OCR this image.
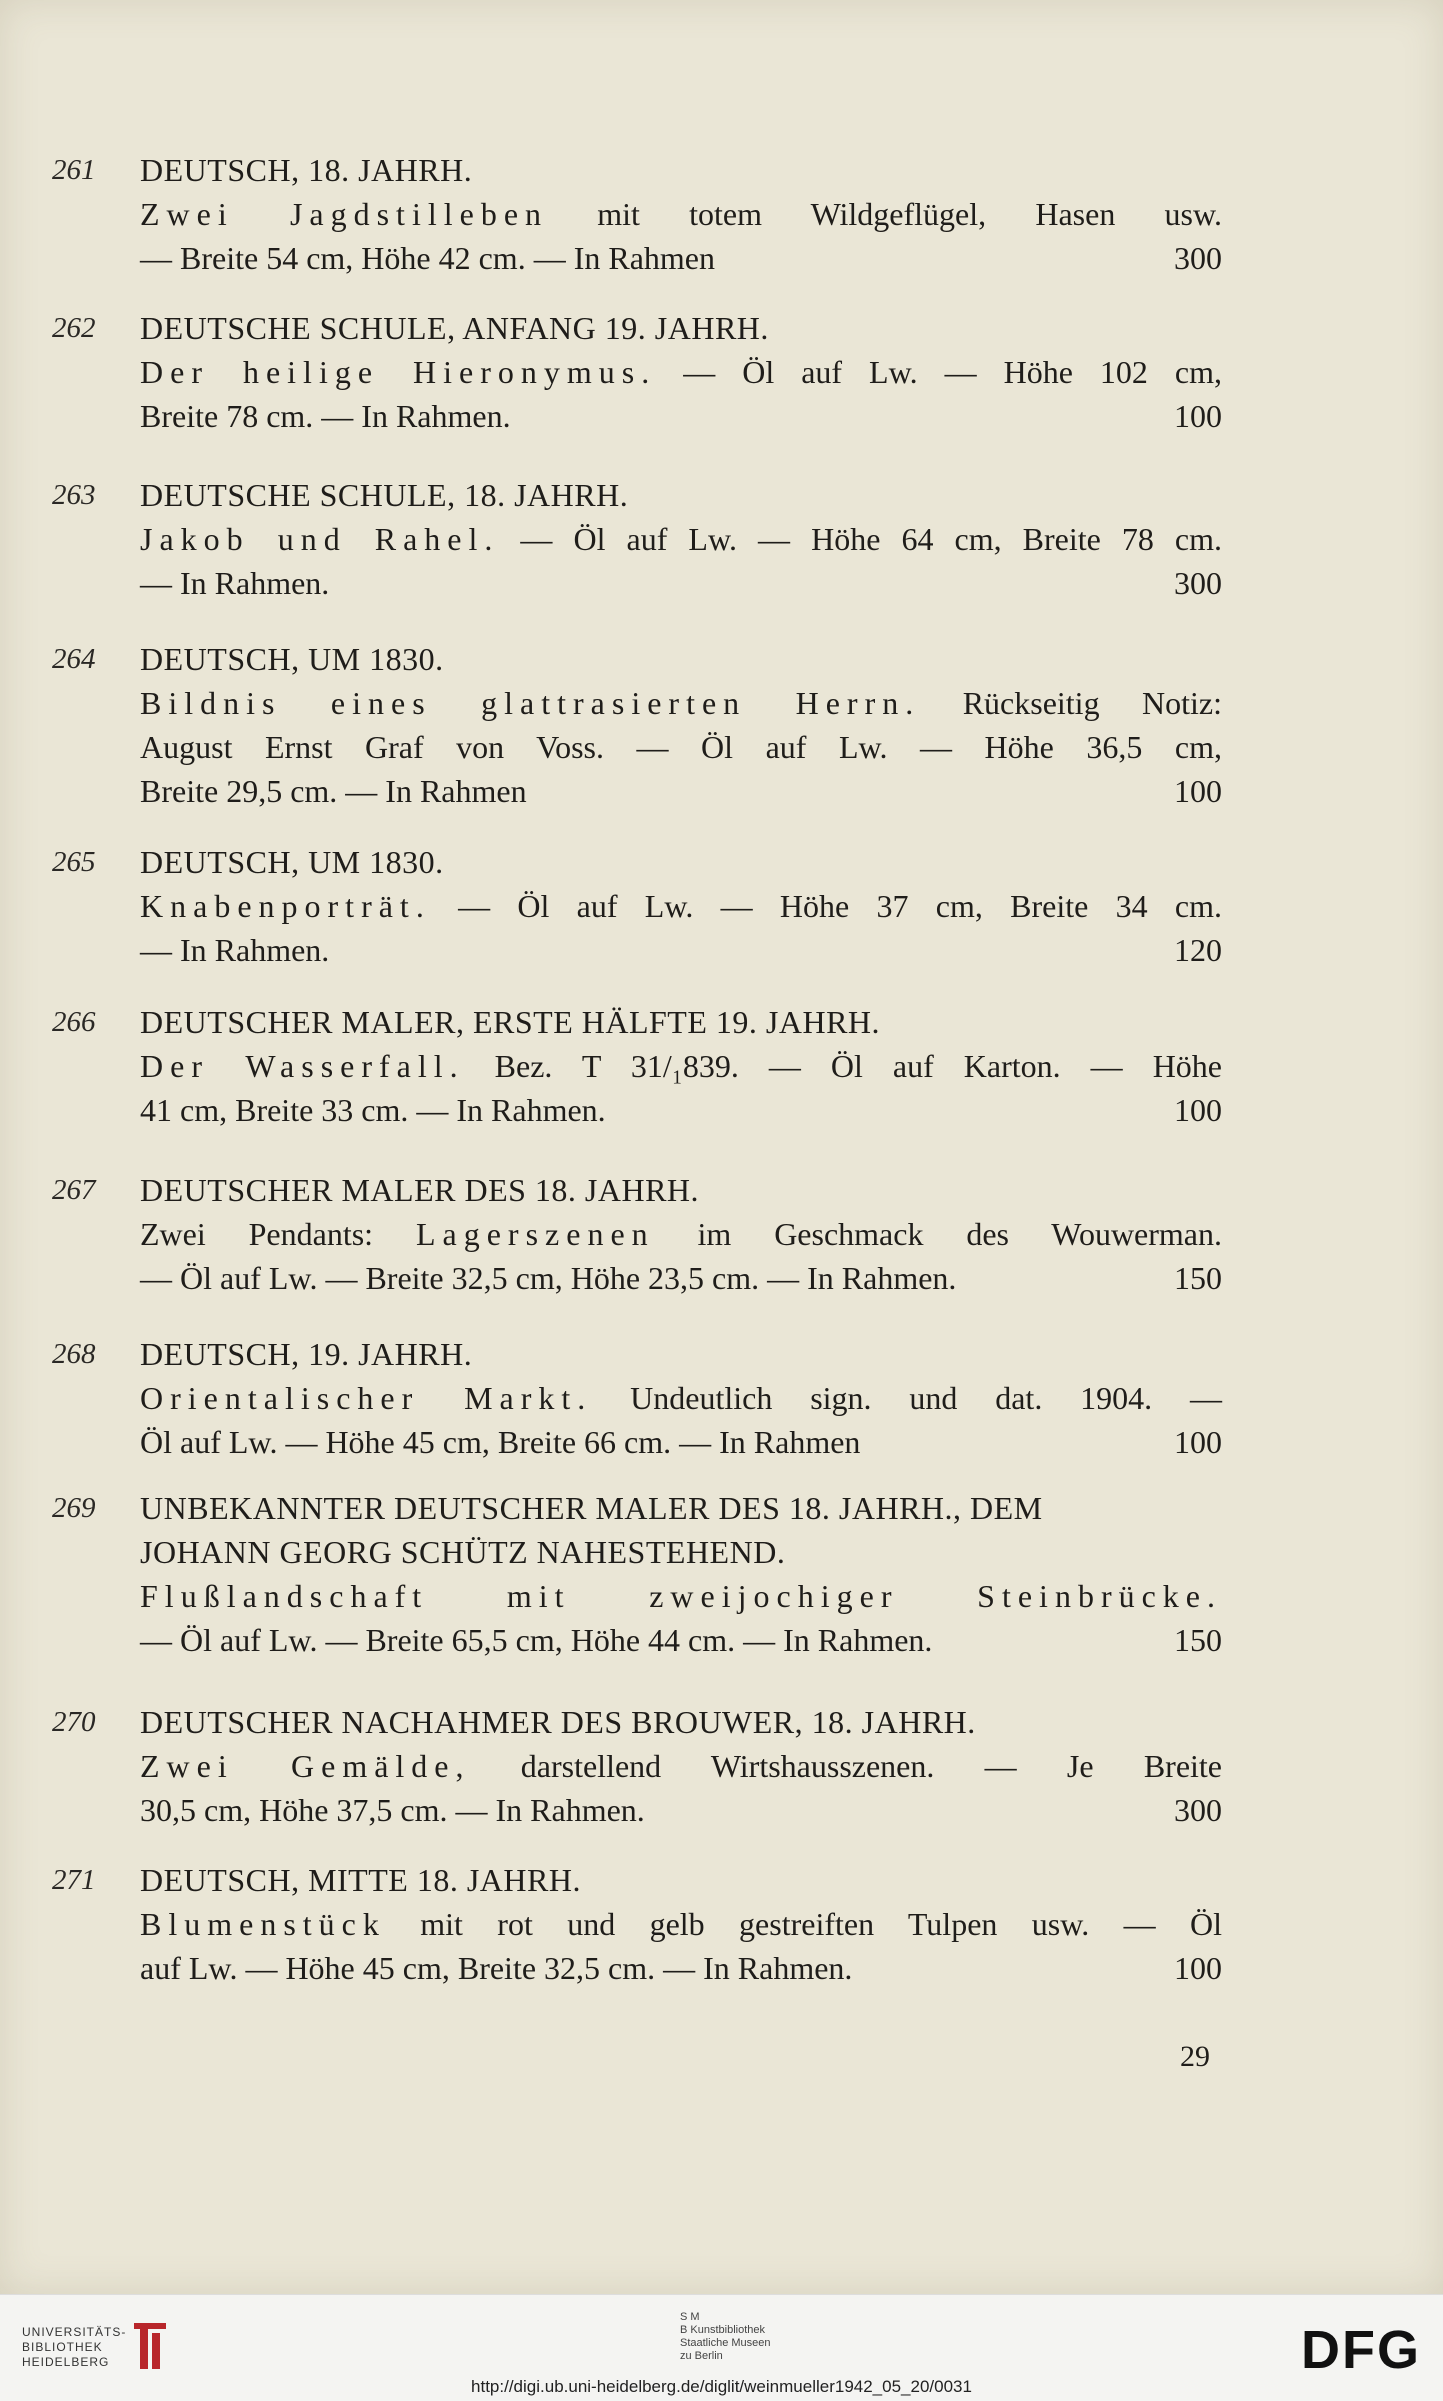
261	DEUTSCH, 18. JAHRH.
Zwei Jagdstilleben mit totem Wildgeflügel, Hasen usw.
— Breite 54 cm, Höhe 42 cm. — In Rahmen	300
262	DEUTSCHE SCHULE, ANFANG 19. JAHRH.
Der heilige Hieronymus. — Öl auf Lw. — Höhe 102 cm,
Breite 78 cm. — In Rahmen.	100
263	DEUTSCHE SCHULE, 18. JAHRH.
Jakob und Rahel. — Öl auf Lw. — Höhe 64 cm, Breite 78 cm.
— In Rahmen.	300
264	DEUTSCH, UM 1830.
Bildnis eines glattrasierten Herrn. Rückseitig Notiz:
August Ernst Graf von Voss. — Öl auf Lw. — Höhe 36,5 cm,
Breite 29,5 cm. — In Rahmen	100
265	DEUTSCH, UM 1830.
Knabenporträt. — Öl auf Lw. — Höhe 37 cm, Breite 34 cm.
— In Rahmen.	120
266	DEUTSCHER MALER, ERSTE HÄLFTE 19. JAHRH.
Der Wasserfall. Bez. T 31/₁839. — Öl auf Karton. — Höhe
41 cm, Breite 33 cm. — In Rahmen.	100
267	DEUTSCHER MALER DES 18. JAHRH.
Zwei Pendants: Lagerszenen im Geschmack des Wouwerman.
— Öl auf Lw. — Breite 32,5 cm, Höhe 23,5 cm. — In Rahmen.	150
268	DEUTSCH, 19. JAHRH.
Orientalischer Markt. Undeutlich sign. und dat. 1904. —
Öl auf Lw. — Höhe 45 cm, Breite 66 cm. — In Rahmen	100
269	UNBEKANNTER DEUTSCHER MALER DES 18. JAHRH., DEM
JOHANN GEORG SCHÜTZ NAHESTEHEND.
Flußlandschaft mit zweijochiger Steinbrücke.
— Öl auf Lw. — Breite 65,5 cm, Höhe 44 cm. — In Rahmen.	150
270	DEUTSCHER NACHAHMER DES BROUWER, 18. JAHRH.
Zwei Gemälde, darstellend Wirtshausszenen. — Je Breite
30,5 cm, Höhe 37,5 cm. — In Rahmen.	300
271	DEUTSCH, MITTE 18. JAHRH.
Blumenstück mit rot und gelb gestreiften Tulpen usw. — Öl
auf Lw. — Höhe 45 cm, Breite 32,5 cm. — In Rahmen.	100
29
UNIVERSITÄTS-
BIBLIOTHEK
HEIDELBERG
S M
B Kunstbibliothek
Staatliche Museen
zu Berlin	DFG
http://digi.ub.uni-heidelberg.de/diglit/weinmueller1942_05_20/0031
